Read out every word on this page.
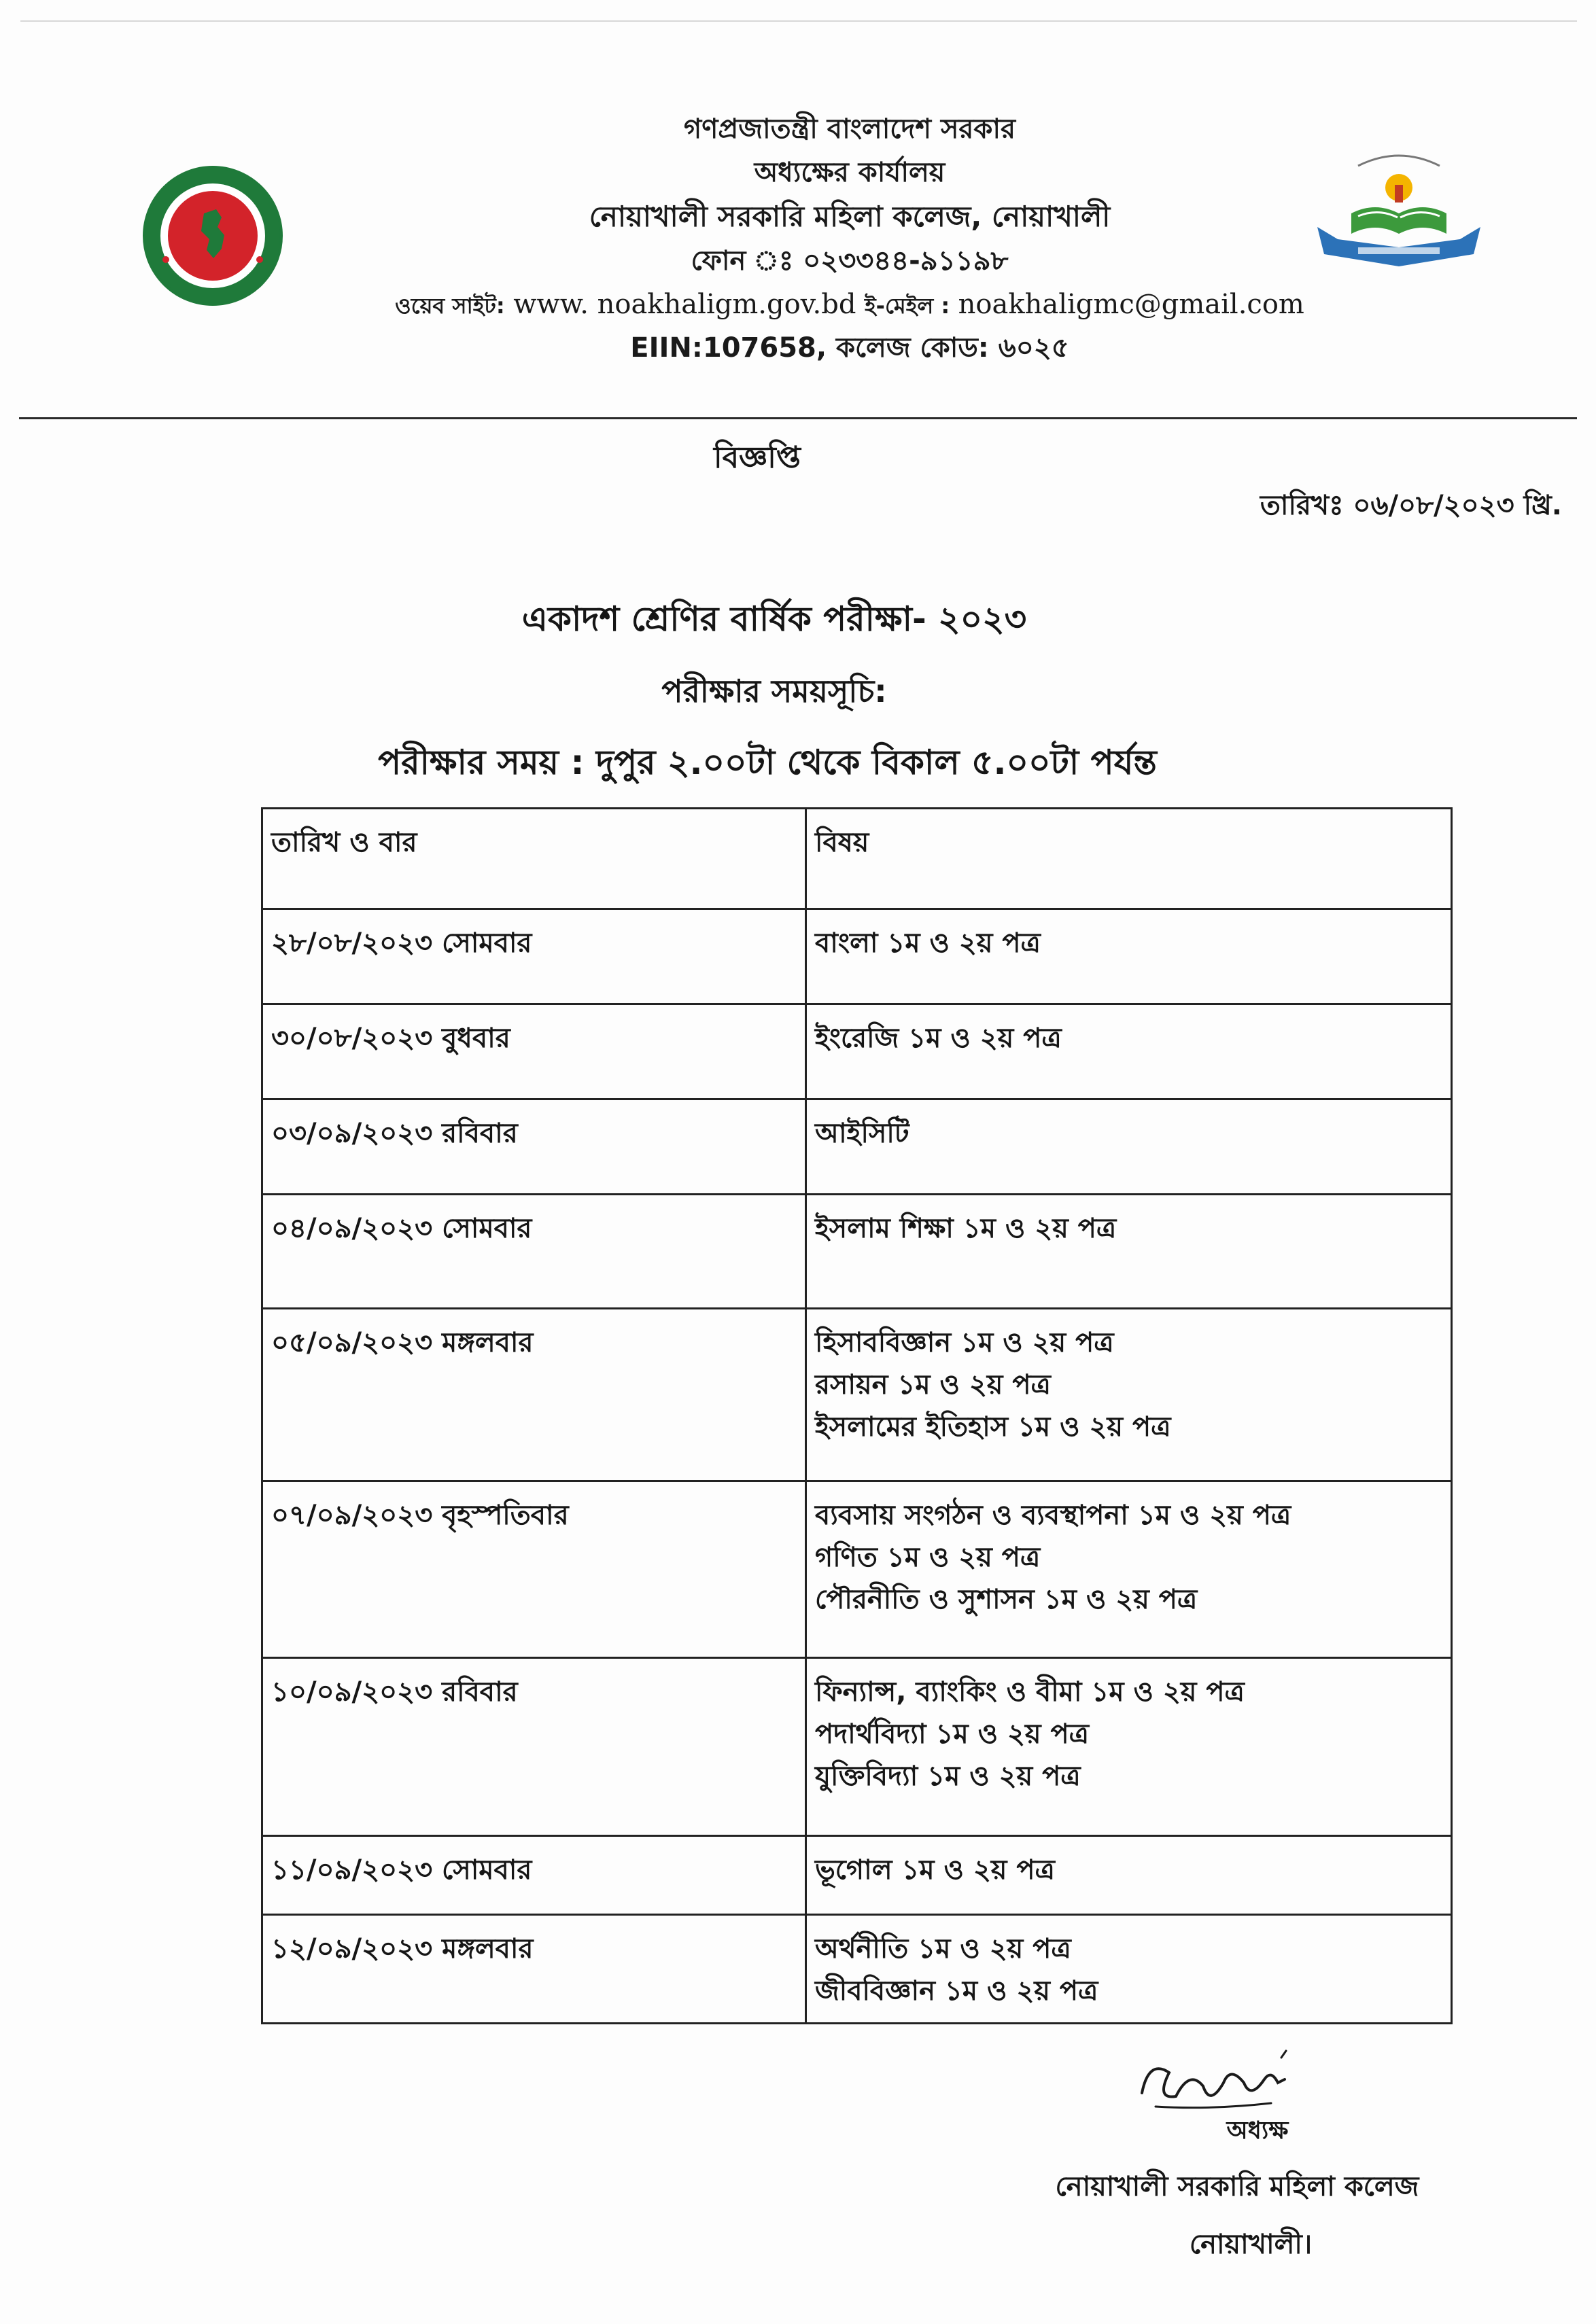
গণপ্রজাতন্ত্রী বাংলাদেশ সরকার
অধ্যক্ষের কার্যালয়
নোয়াখালী সরকারি মহিলা কলেজ, নোয়াখালী
ফোন ঃ ০২৩৩৪৪-৯১১৯৮
ওয়েব সাইট: www. noakhaligm.gov.bd ই-মেইল : noakhaligmc@gmail.com
EIIN:107658, কলেজ কোড: ৬০২৫
বিজ্ঞপ্তি
তারিখঃ ০৬/০৮/২০২৩ খ্রি.
একাদশ শ্রেণির বার্ষিক পরীক্ষা- ২০২৩
পরীক্ষার সময়সূচি:
পরীক্ষার সময় : দুপুর ২.০০টা থেকে বিকাল ৫.০০টা পর্যন্ত
তারিখ ও বার	বিষয়
২৮/০৮/২০২৩ সোমবার	বাংলা ১ম ও ২য় পত্র

৩০/০৮/২০২৩ বুধবার	ইংরেজি ১ম ও ২য় পত্র

০৩/০৯/২০২৩ রবিবার	আইসিটি

০৪/০৯/২০২৩ সোমবার	ইসলাম শিক্ষা ১ম ও ২য় পত্র

০৫/০৯/২০২৩ মঙ্গলবার	হিসাববিজ্ঞান ১ম ও ২য় পত্র
রসায়ন ১ম ও ২য় পত্র
ইসলামের ইতিহাস ১ম ও ২য় পত্র

০৭/০৯/২০২৩ বৃহস্পতিবার	ব্যবসায় সংগঠন ও ব্যবস্থাপনা ১ম ও ২য় পত্র
গণিত ১ম ও ২য় পত্র
পৌরনীতি ও সুশাসন ১ম ও ২য় পত্র

১০/০৯/২০২৩ রবিবার	ফিন্যান্স, ব্যাংকিং ও বীমা ১ম ও ২য় পত্র
পদার্থবিদ্যা ১ম ও ২য় পত্র
যুক্তিবিদ্যা ১ম ও ২য় পত্র

১১/০৯/২০২৩ সোমবার	ভূগোল ১ম ও ২য় পত্র

১২/০৯/২০২৩ মঙ্গলবার	অর্থনীতি ১ম ও ২য় পত্র
জীববিজ্ঞান ১ম ও ২য় পত্র
অধ্যক্ষ
নোয়াখালী সরকারি মহিলা কলেজ
নোয়াখালী।
